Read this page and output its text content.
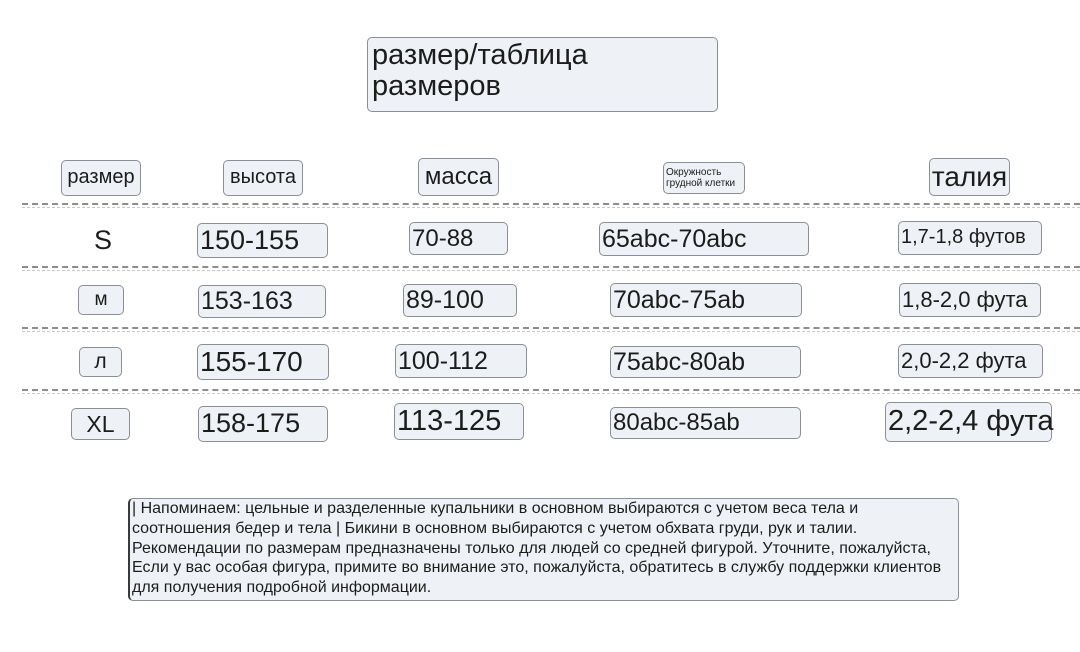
размер/таблица размеров
размер	высота	масса	Окружность грудной клетки	талия
S	150-155	70-88	65abc-70abc	1,7-1,8 футов
м	153-163	89-100	70abc-75ab	1,8-2,0 фута
л	155-170	100-112	75abc-80ab	2,0-2,2 фута
XL	158-175	113-125	80abc-85ab	2,2-2,4 фута
| Напоминаем: цельные и разделенные купальники в основном выбираются с учетом веса тела и соотношения бедер и тела | Бикини в основном выбираются с учетом обхвата груди, рук и талии. Рекомендации по размерам предназначены только для людей со средней фигурой. Уточните, пожалуйста, Если у вас особая фигура, примите во внимание это, пожалуйста, обратитесь в службу поддержки клиентов для получения подробной информации.
